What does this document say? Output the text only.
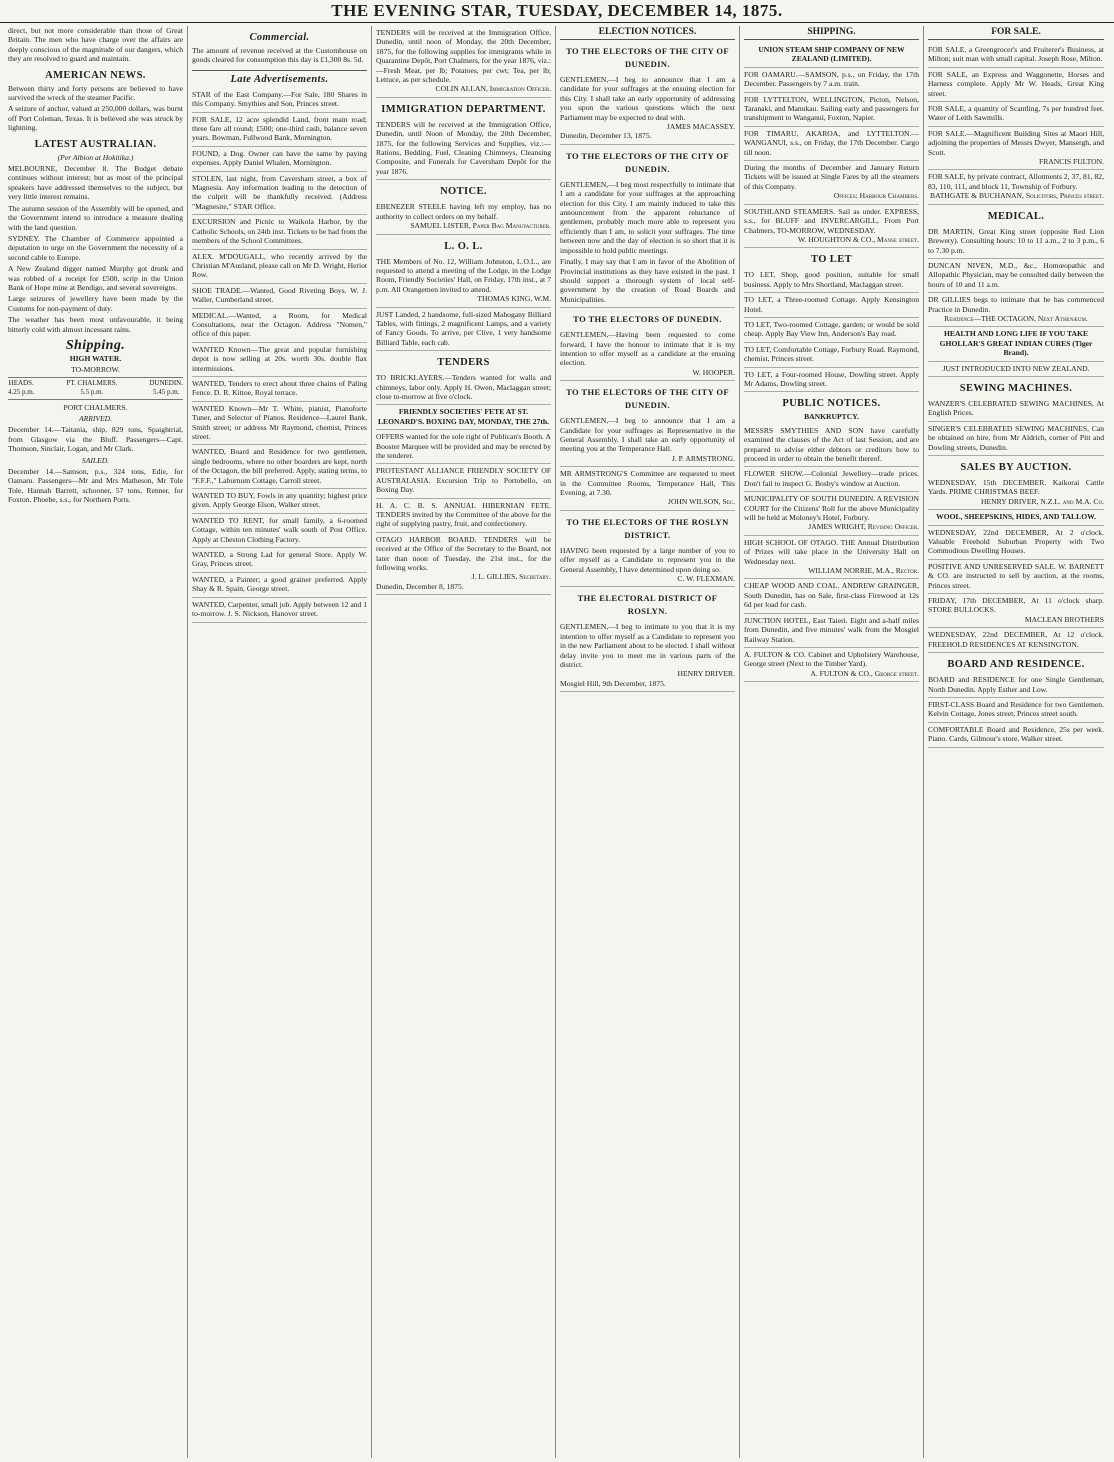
THE EVENING STAR, TUESDAY, DECEMBER 14, 1875.

direct, but not more considerable than those of Great Britain. The men who have charge over the affairs are deeply conscious of the magnitude of our dangers, which they are resolved to guard and maintain.

AMERICAN NEWS.

Between thirty and forty persons are believed to have survived the wreck of the steamer Pacific.

A seizure of anchor, valued at 250,000 dollars, was burnt off Port Coleman, Texas. It is believed she was struck by lightning.

LATEST AUSTRALIAN.
(Per Albion at Hokitika.)

MELBOURNE, December 8. The Budget debate continues without interest; but as most of the principal speakers have addressed themselves to the subject, but very little interest remains.

The autumn session of the Assembly will be opened, and the Government intend to introduce a measure dealing with the land question.

SYDNEY. The Chamber of Commerce appointed a deputation to urge on the Government the necessity of a second cable to Europe.

A New Zealand digger named Murphy got drunk and was robbed of a receipt for £500, scrip in the Union Bank of Hope mine at Bendigo, and several sovereigns.

Large seizures of jewellery have been made by the Customs for non-payment of duty.

The weather has been most unfavourable, it being bitterly cold with almost incessant rains.

Shipping.
HIGH WATER.
TO-MORROW.
HEADS.
4.25 p.m.
PT. CHALMERS.
5.5 p.m.
DUNEDIN.
5.45 p.m.
PORT CHALMERS.
ARRIVED.

December 14.—Taitania, ship, 829 tons, Spaightrial, from Glasgow via the Bluff. Passengers—Capt. Thomson, Sinclair, Logan, and Mr Clark.

SAILED.

December 14.—Samson, p.s., 324 tons, Edie, for Oamaru. Passengers—Mr and Mrs Matheson, Mr Tole Tole, Hannah Barrett, schooner, 57 tons, Renner, for Foxton. Phoebe, s.s., for Northern Ports.

Commercial.

The amount of revenue received at the Customhouse on goods cleared for consumption this day is £1,300 8s. 5d.

Late Advertisements.
STAR of the East Company.—For Sale, 180 Shares in this Company. Smythies and Son, Princes street.
FOR SALE, 12 acre splendid Land, front main road; three fare all round; £500; one-third cash, balance seven years. Bowman, Fullwood Bank, Mornington.
FOUND, a Dog. Owner can have the same by paying expenses. Apply Daniel Whalen, Mornington.
STOLEN, last night, from Caversham street, a box of Magnesia. Any information leading to the detection of the culprit will be thankfully received. (Address "Magnesite," STAR Office.
EXCURSION and Picnic to Waikola Harbor, by the Catholic Schools, on 24th inst. Tickets to be had from the members of the School Committees.
ALEX. M'DOUGALL, who recently arrived by the Christian M'Ausland, please call on Mr D. Wright, Heriot Row.
SHOE TRADE.—Wanted, Good Riveting Boys. W. J. Waller, Cumberland street.
MEDICAL.—Wanted, a Room, for Medical Consultations, near the Octagon. Address "Nomen," office of this paper.
WANTED Known—The great and popular furnishing depot is now selling at 20s. worth 30s. double flax intermissions.
WANTED, Tenders to erect about three chains of Paling Fence. D. R. Kittoe, Royal terrace.
WANTED Known—Mr T. White, pianist, Pianoforte Tuner, and Selector of Pianos. Residence—Laurel Bank, Smith street; or address Mr Raymond, chemist, Princes street.
WANTED, Board and Residence for two gentlemen, single bedrooms, where no other boarders are kept, north of the Octagon, the bill preferred. Apply, stating terms, to "F.F.F.," Laburnum Cottage, Carroll street.
WANTED TO BUY, Fowls in any quantity; highest price given. Apply George Elson, Walker street.
WANTED TO RENT, for small family, a 6-roomed Cottage, within ten minutes' walk south of Post Office. Apply at Cheston Clothing Factory.
WANTED, a Strong Lad for general Store. Apply W. Gray, Princes street.
WANTED, a Painter; a good grainer preferred. Apply Shay & R. Spain, George street.
WANTED, Carpenter, small job. Apply between 12 and 1 to-morrow. J. S. Nickson, Hanover street.
TENDERS will be received at the Immigration Office, Dunedin, until noon of Monday, the 20th December, 1875, for the following supplies for immigrants while in Quarantine Depôt, Port Chalmers, for the year 1876, viz.:—Fresh Meat, per lb; Potatoes, per cwt; Tea, per lb; Lettuce, as per schedule.
COLIN ALLAN, Immigration Officer.
IMMIGRATION DEPARTMENT.
TENDERS will be received at the Immigration Office, Dunedin, until Noon of Monday, the 20th December, 1875, for the following Services and Supplies, viz.:—Rations, Bedding, Fuel, Cleaning Chimneys, Cleansing Composite, and Funerals for Caversham Depôt for the year 1876.
NOTICE.
EBENEZER STEELE having left my employ, has no authority to collect orders on my behalf.
SAMUEL LISTER, Paper Bag Manufacturer.
L. O. L.
THE Members of No. 12, William Johnston, L.O.L., are requested to attend a meeting of the Lodge, in the Lodge Room, Friendly Societies' Hall, on Friday, 17th inst., at 7 p.m. All Orangemen invited to attend.
THOMAS KING, W.M.
JUST Landed, 2 handsome, full-sized Mahogany Billiard Tables, with fittings, 2 magnificent Lamps, and a variety of Fancy Goods. To arrive, per Clive, 1 very handsome Billiard Table, each cab.
TENDERS
TO BRICKLAYERS.—Tenders wanted for walls and chimneys, labor only. Apply H. Owen, Maclaggan street; close to-morrow at five o'clock.
FRIENDLY SOCIETIES' FETE AT ST. LEONARD'S. BOXING DAY, MONDAY, THE 27th.
OFFERS wanted for the sole right of Publican's Booth. A Booster Marquee will be provided and may be erected by the tenderer.
PROTESTANT ALLIANCE FRIENDLY SOCIETY OF AUSTRALASIA. Excursion Trip to Portobello, on Boxing Day.
H. A. C. B. S. ANNUAL HIBERNIAN FETE. TENDERS invited by the Committee of the above for the right of supplying pastry, fruit, and confectionery.
OTAGO HARBOR BOARD. TENDERS will be received at the Office of the Secretary to the Board, not later than noon of Tuesday, the 21st inst., for the following works.
J. L. GILLIES, Secretary.
Dunedin, December 8, 1875.
ELECTION NOTICES.
TO THE ELECTORS OF THE CITY OF DUNEDIN.
GENTLEMEN,—I beg to announce that I am a candidate for your suffrages at the ensuing election for this City. I shall take an early opportunity of addressing you upon the various questions which the next Parliament may be expected to deal with.
JAMES MACASSEY.
Dunedin, December 13, 1875.
TO THE ELECTORS OF THE CITY OF DUNEDIN.
GENTLEMEN,—I beg most respectfully to intimate that I am a candidate for your suffrages at the approaching election for this City. I am mainly induced to take this announcement from the apparent reluctance of gentlemen, probably much more able to represent you efficiently than I am, to solicit your suffrages. The time between now and the day of election is so short that it is impossible to hold public meetings.
Finally, I may say that I am in favor of the Abolition of Provincial institutions as they have existed in the past. I should support a thorough system of local self-government by the creation of Road Boards and Municipalities.
TO THE ELECTORS OF DUNEDIN.
GENTLEMEN,—Having been requested to come forward, I have the honour to intimate that it is my intention to offer myself as a candidate at the ensuing election.
W. HOOPER.
TO THE ELECTORS OF THE CITY OF DUNEDIN.
GENTLEMEN,—I beg to announce that I am a Candidate for your suffrages as Representative in the General Assembly. I shall take an early opportunity of meeting you at the Temperance Hall.
J. P. ARMSTRONG.
MR ARMSTRONG'S Committee are requested to meet in the Committee Rooms, Temperance Hall, This Evening, at 7.30.
JOHN WILSON, Sec.
TO THE ELECTORS OF THE ROSLYN DISTRICT.
HAVING been requested by a large number of you to offer myself as a Candidate to represent you in the General Assembly, I have determined upon doing so.
C. W. FLEXMAN.
THE ELECTORAL DISTRICT OF ROSLYN.
GENTLEMEN,—I beg to intimate to you that it is my intention to offer myself as a Candidate to represent you in the new Parliament about to be elected. I shall without delay invite you to meet me in various parts of the district.
HENRY DRIVER.
Mosgiel Hill, 9th December, 1875.
SHIPPING.
UNION STEAM SHIP COMPANY OF NEW ZEALAND (LIMITED).
FOR OAMARU.—SAMSON, p.s., on Friday, the 17th December. Passengers by 7 a.m. train.
FOR LYTTELTON, WELLINGTON, Picton, Nelson, Taranaki, and Manukau. Sailing early and passengers for transhipment to Wanganui, Foxton, Napier.
FOR TIMARU, AKAROA, and LYTTELTON.—WANGANUI, s.s., on Friday, the 17th December. Cargo till noon.
During the months of December and January Return Tickets will be issued at Single Fares by all the steamers of this Company.
Offices: Harbour Chambers.
SOUTHLAND STEAMERS. Sail as under. EXPRESS, s.s., for BLUFF and INVERCARGILL, From Port Chalmers, TO-MORROW, WEDNESDAY.
W. HOUGHTON & CO., Manse street.
TO LET
TO LET, Shop, good position, suitable for small business. Apply to Mrs Shortland, Maclaggan street.
TO LET, a Three-roomed Cottage. Apply Kensington Hotel.
TO LET, Two-roomed Cottage, garden; or would be sold cheap. Apply Bay View Inn, Anderson's Bay road.
TO LET, Comfortable Cottage, Forbury Road. Raymond, chemist, Princes street.
TO LET, a Four-roomed House, Dowling street. Apply Mr Adams, Dowling street.
PUBLIC NOTICES.
BANKRUPTCY.
MESSRS SMYTHIES AND SON have carefully examined the clauses of the Act of last Session, and are prepared to advise either debtors or creditors how to proceed in order to obtain the benefit thereof.
FLOWER SHOW.—Colonial Jewellery—trade prices. Don't fail to inspect G. Bosby's window at Auction.
MUNICIPALITY OF SOUTH DUNEDIN. A REVISION COURT for the Citizens' Roll for the above Municipality will be held at Moloney's Hotel, Forbury.
JAMES WRIGHT, Revising Officer.
HIGH SCHOOL OF OTAGO. THE Annual Distribution of Prizes will take place in the University Hall on Wednesday next.
WILLIAM NORRIE, M.A., Rector.
CHEAP WOOD AND COAL. ANDREW GRAINGER, South Dunedin, has on Sale, first-class Firewood at 12s 6d per load for cash.
JUNCTION HOTEL, East Taieri. Eight and a-half miles from Dunedin, and five minutes' walk from the Mosgiel Railway Station.
A. FULTON & CO. Cabinet and Upholstery Warehouse, George street (Next to the Timber Yard).
A. FULTON & CO., George street.
FOR SALE.
FOR SALE, a Greengrocer's and Fruiterer's Business, at Milton; suit man with small capital. Joseph Rose, Milton.
FOR SALE, an Express and Waggonette, Horses and Harness complete. Apply Mr W. Heads, Great King street.
FOR SALE, a quantity of Scantling, 7s per hundred feet. Water of Leith Sawmills.
FOR SALE.—Magnificent Building Sites at Maori Hill, adjoining the properties of Messrs Dwyer, Mansergh, and Scott.
FRANCIS FULTON.
FOR SALE, by private contract, Allotments 2, 37, 81, 82, 83, 110, 111, and block 11, Township of Forbury.
BATHGATE & BUCHANAN, Solicitors, Princes street.
MEDICAL.
DR MARTIN, Great King street (opposite Red Lion Brewery). Consulting hours: 10 to 11 a.m., 2 to 3 p.m., 6 to 7.30 p.m.
DUNCAN NIVEN, M.D., &c., Homœopathic and Allopathic Physician, may be consulted daily between the hours of 10 and 11 a.m.
DR GILLIES begs to intimate that he has commenced Practice in Dunedin.
Residence—THE OCTAGON, Next Athenæum.
HEALTH AND LONG LIFE IF YOU TAKE GHOLLAR'S GREAT INDIAN CURES (Tiger Brand).
JUST INTRODUCED INTO NEW ZEALAND.
SEWING MACHINES.
WANZER'S CELEBRATED SEWING MACHINES, At English Prices.
SINGER'S CELEBRATED SEWING MACHINES, Can be obtained on hire, from Mr Aldrich, corner of Pitt and Dowling streets, Dunedin.
SALES BY AUCTION.
WEDNESDAY, 15th DECEMBER. Kaikorai Cattle Yards. PRIME CHRISTMAS BEEF.
HENRY DRIVER, N.Z.L. and M.A. Co.
WOOL, SHEEPSKINS, HIDES, AND TALLOW.
WEDNESDAY, 22nd DECEMBER, At 2 o'clock. Valuable Freehold Suburban Property with Two Commodious Dwelling Houses.
POSITIVE AND UNRESERVED SALE. W. BARNETT & CO. are instructed to sell by auction, at the rooms, Princes street.
FRIDAY, 17th DECEMBER, At 11 o'clock sharp. STORE BULLOCKS.
MACLEAN BROTHERS
WEDNESDAY, 22nd DECEMBER, At 12 o'clock. FREEHOLD RESIDENCES AT KENSINGTON.
BOARD AND RESIDENCE.
BOARD and RESIDENCE for one Single Gentleman, North Dunedin. Apply Esther and Low.
FIRST-CLASS Board and Residence for two Gentlemen. Kelvin Cottage, Jones street, Princes street south.
COMFORTABLE Board and Residence, 25s per week. Piano. Cards, Gilmour's store, Walker street.
